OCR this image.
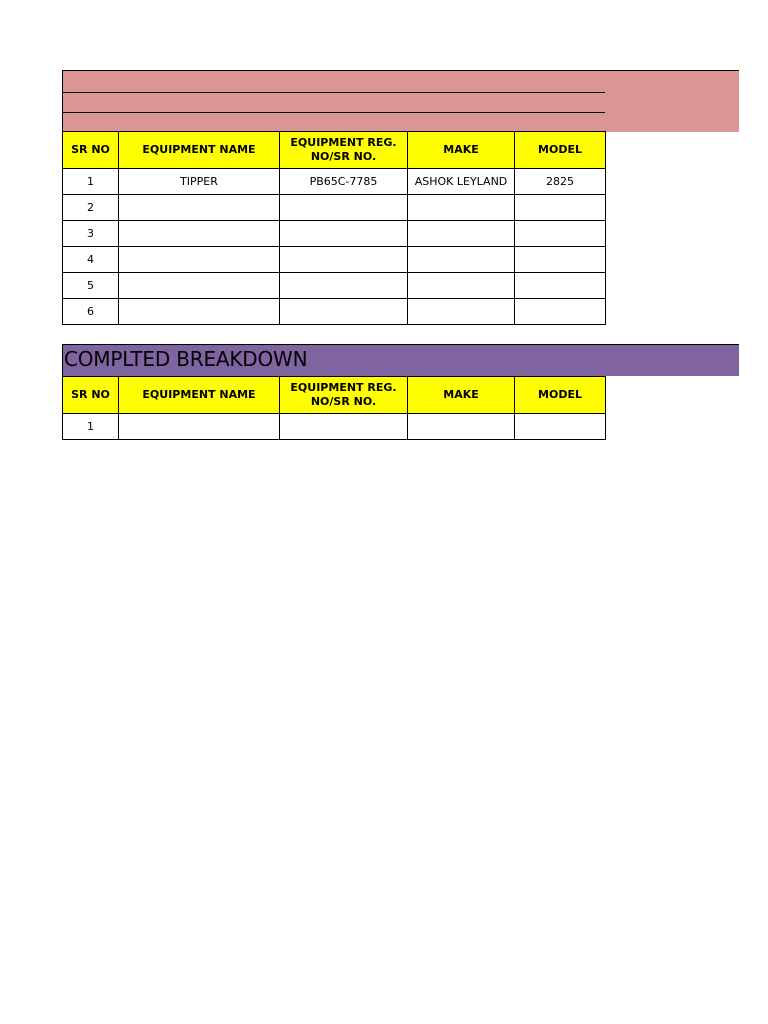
SR NO	EQUIPMENT NAME	EQUIPMENT REG. NO/SR NO.	MAKE	MODEL
1	TIPPER	PB65C-7785	ASHOK LEYLAND	2825
2				
3				
4				
5				
6				
COMPLTED BREAKDOWN
SR NO	EQUIPMENT NAME	EQUIPMENT REG. NO/SR NO.	MAKE	MODEL
1				
